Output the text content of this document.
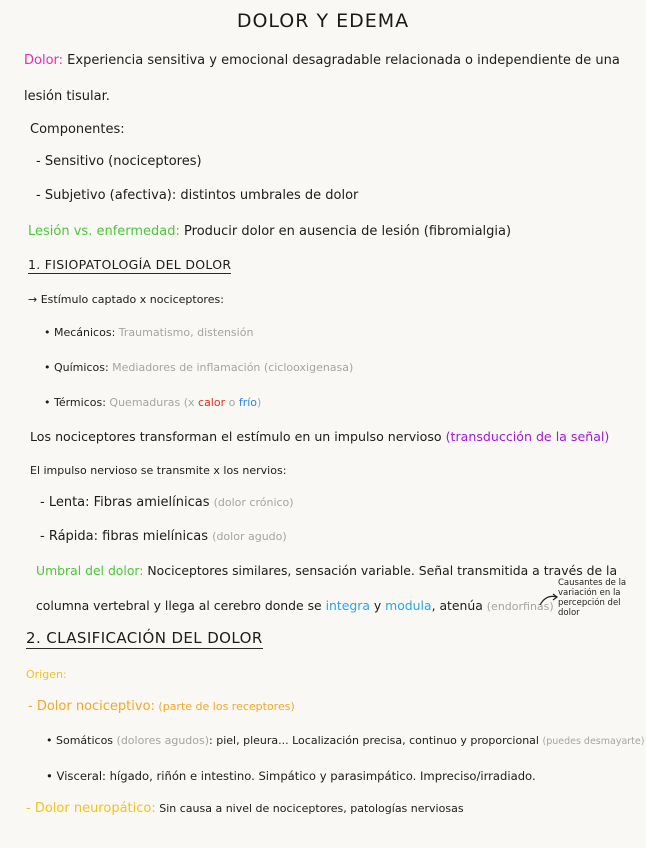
DOLOR Y EDEMA
Dolor: Experiencia sensitiva y emocional desagradable relacionada o independiente de una
lesión tisular.
Componentes:
- Sensitivo (nociceptores)
- Subjetivo (afectiva): distintos umbrales de dolor
Lesión vs. enfermedad: Producir dolor en ausencia de lesión (fibromialgia)
1. FISIOPATOLOGÍA DEL DOLOR
→ Estímulo captado x nociceptores:
• Mecánicos: Traumatismo, distensión
• Químicos: Mediadores de inflamación (ciclooxigenasa)
• Térmicos: Quemaduras (x calor o frío)
Los nociceptores transforman el estímulo en un impulso nervioso (transducción de la señal)
El impulso nervioso se transmite x los nervios:
- Lenta: Fibras amielínicas (dolor crónico)
- Rápida: fibras mielínicas (dolor agudo)
Umbral del dolor: Nociceptores similares, sensación variable. Señal transmitida a través de la
columna vertebral y llega al cerebro donde se integra y modula, atenúa (endorfinas)
Causantes de la variación en la percepción del dolor
2. CLASIFICACIÓN DEL DOLOR
Origen:
- Dolor nociceptivo: (parte de los receptores)
• Somáticos (dolores agudos): piel, pleura... Localización precisa, continuo y proporcional (puedes desmayarte)
• Visceral: hígado, riñón e intestino. Simpático y parasimpático. Impreciso/irradiado.
- Dolor neuropático: Sin causa a nivel de nociceptores, patologías nerviosas
